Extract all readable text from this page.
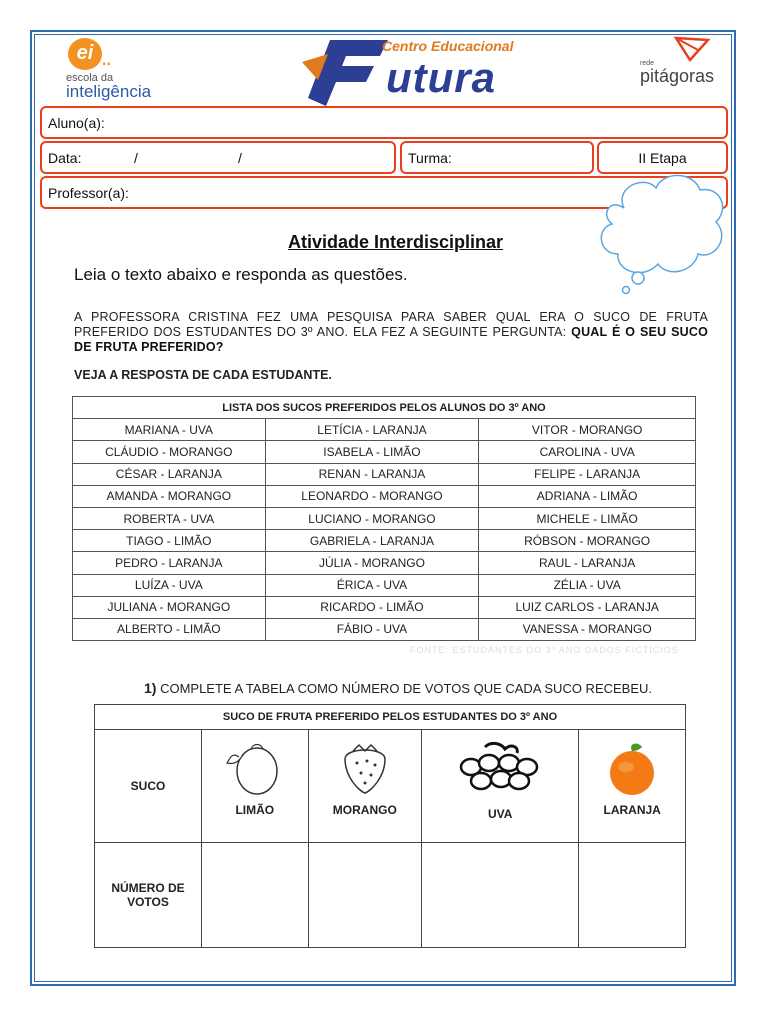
ei ..
escola da
inteligência
Centro Educacional
utura	rede
pitágoras
Aluno(a):
Data:	/	/	Turma:	II Etapa
Professor(a):
Atividade Interdisciplinar
Leia o texto abaixo e responda as questões.
A PROFESSORA CRISTINA FEZ UMA PESQUISA PARA SABER QUAL ERA O SUCO DE FRUTA PREFERIDO DOS ESTUDANTES DO 3º ANO. ELA FEZ A SEGUINTE PERGUNTA: QUAL É O SEU SUCO DE FRUTA PREFERIDO?
VEJA A RESPOSTA DE CADA ESTUDANTE.
LISTA DOS SUCOS PREFERIDOS PELOS ALUNOS DO 3º ANO		
MARIANA - UVA	LETÍCIA - LARANJA	VITOR - MORANGO
CLÁUDIO - MORANGO	ISABELA - LIMÃO	CAROLINA - UVA
CÉSAR - LARANJA	RENAN - LARANJA	FELIPE - LARANJA
AMANDA - MORANGO	LEONARDO - MORANGO	ADRIANA - LIMÃO
ROBERTA - UVA	LUCIANO - MORANGO	MICHELE - LIMÃO
TIAGO - LIMÃO	GABRIELA - LARANJA	RÓBSON - MORANGO
PEDRO - LARANJA	JÚLIA - MORANGO	RAUL - LARANJA
LUÍZA - UVA	ÉRICA - UVA	ZÉLIA - UVA
JULIANA - MORANGO	RICARDO - LIMÃO	LUIZ CARLOS - LARANJA
ALBERTO - LIMÃO	FÁBIO - UVA	VANESSA - MORANGO
FONTE: ESTUDANTES DO 3º ANO DADOS FICTÍCIOS
1) COMPLETE A TABELA COMO NÚMERO DE VOTOS QUE CADA SUCO RECEBEU.
SUCO DE FRUTA PREFERIDO PELOS ESTUDANTES DO 3º ANO				
SUCO	LIMÃO	MORANGO	UVA	LARANJA

NÚMERO DE VOTOS				
